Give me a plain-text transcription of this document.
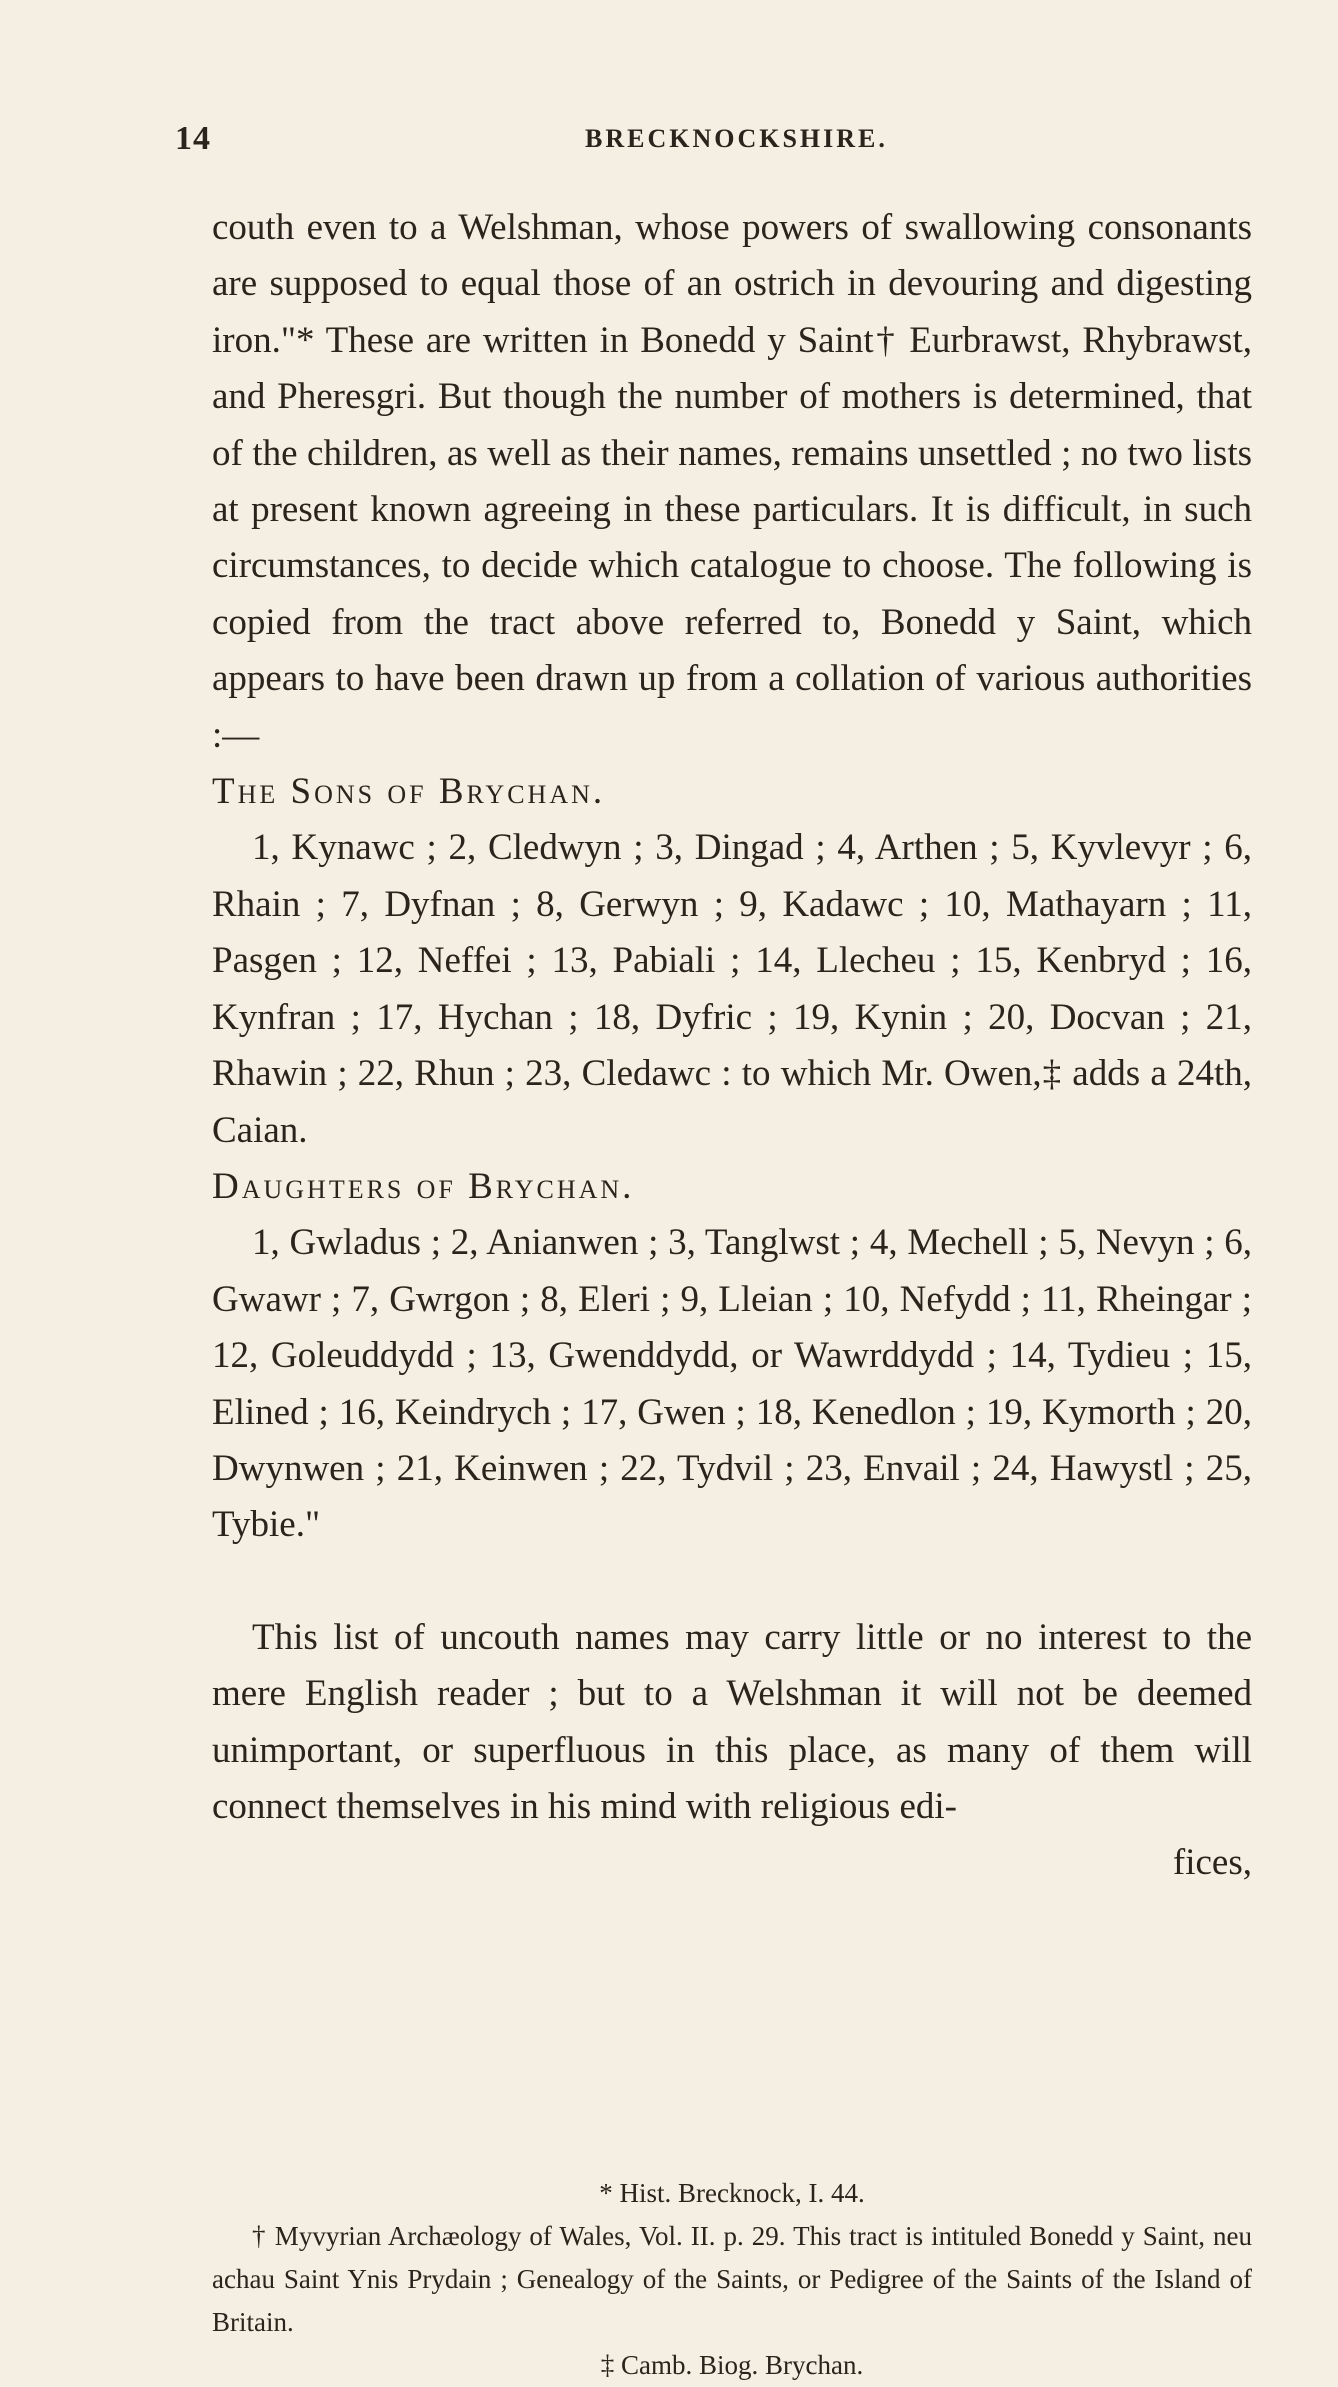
14	BRECKNOCKSHIRE.

couth even to a Welshman, whose powers of swallowing consonants are supposed to equal those of an ostrich in devouring and digesting iron."* These are written in Bonedd y Saint† Eurbrawst, Rhybrawst, and Pheresgri. But though the number of mothers is determined, that of the children, as well as their names, remains unsettled ; no two lists at present known agreeing in these particulars. It is difficult, in such circumstances, to decide which catalogue to choose. The following is copied from the tract above referred to, Bonedd y Saint, which appears to have been drawn up from a collation of various authorities :—

The Sons of Brychan.

1, Kynawc ; 2, Cledwyn ; 3, Dingad ; 4, Arthen ; 5, Kyvlevyr ; 6, Rhain ; 7, Dyfnan ; 8, Gerwyn ; 9, Kadawc ; 10, Mathayarn ; 11, Pasgen ; 12, Neffei ; 13, Pabiali ; 14, Llecheu ; 15, Kenbryd ; 16, Kynfran ; 17, Hychan ; 18, Dyfric ; 19, Kynin ; 20, Docvan ; 21, Rhawin ; 22, Rhun ; 23, Cledawc : to which Mr. Owen,‡ adds a 24th, Caian.

Daughters of Brychan.

1, Gwladus ; 2, Anianwen ; 3, Tanglwst ; 4, Mechell ; 5, Nevyn ; 6, Gwawr ; 7, Gwrgon ; 8, Eleri ; 9, Lleian ; 10, Nefydd ; 11, Rheingar ; 12, Goleuddydd ; 13, Gwenddydd, or Wawrddydd ; 14, Tydieu ; 15, Elined ; 16, Keindrych ; 17, Gwen ; 18, Kenedlon ; 19, Kymorth ; 20, Dwynwen ; 21, Keinwen ; 22, Tydvil ; 23, Envail ; 24, Hawystl ; 25, Tybie."

This list of uncouth names may carry little or no interest to the mere English reader ; but to a Welshman it will not be deemed unimportant, or superfluous in this place, as many of them will connect themselves in his mind with religious edi-

fices,

* Hist. Brecknock, I. 44.

† Myvyrian Archæology of Wales, Vol. II. p. 29. This tract is intituled Bonedd y Saint, neu achau Saint Ynis Prydain ; Genealogy of the Saints, or Pedigree of the Saints of the Island of Britain.

‡ Camb. Biog. Brychan.
